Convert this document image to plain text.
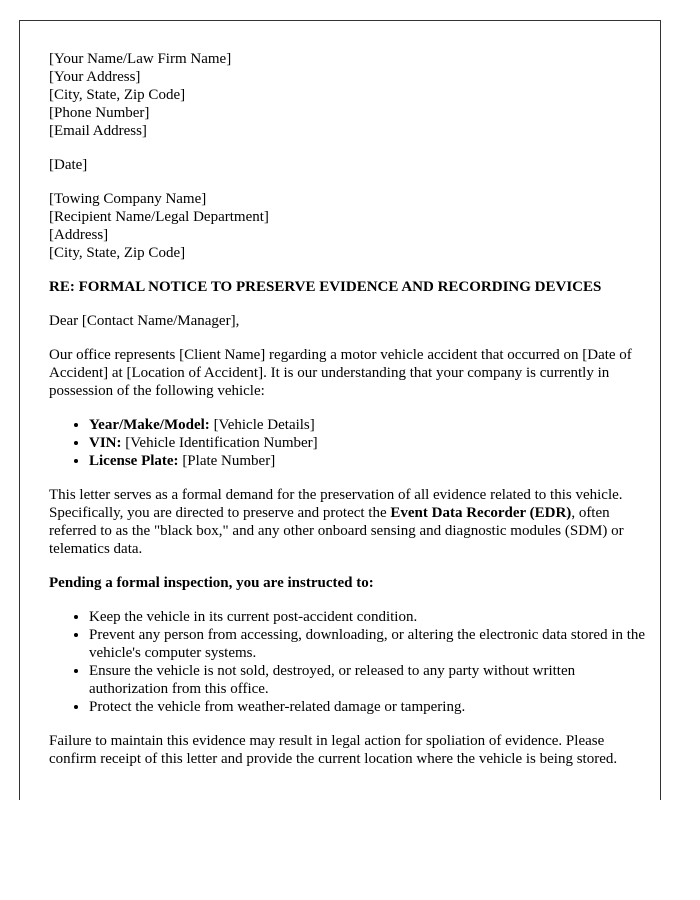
[Your Name/Law Firm Name]
[Your Address]
[City, State, Zip Code]
[Phone Number]
[Email Address]
[Date]
[Towing Company Name]
[Recipient Name/Legal Department]
[Address]
[City, State, Zip Code]
RE: FORMAL NOTICE TO PRESERVE EVIDENCE AND RECORDING DEVICES

Dear [Contact Name/Manager],

Our office represents [Client Name] regarding a motor vehicle accident that occurred on [Date of Accident] at [Location of Accident]. It is our understanding that your company is currently in possession of the following vehicle:

• Year/Make/Model: [Vehicle Details]
• VIN: [Vehicle Identification Number]
• License Plate: [Plate Number]

This letter serves as a formal demand for the preservation of all evidence related to this vehicle. Specifically, you are directed to preserve and protect the Event Data Recorder (EDR), often referred to as the "black box," and any other onboard sensing and diagnostic modules (SDM) or telematics data.

Pending a formal inspection, you are instructed to:
• Keep the vehicle in its current post-accident condition.
• Prevent any person from accessing, downloading, or altering the electronic data stored in the vehicle's computer systems.
• Ensure the vehicle is not sold, destroyed, or released to any party without written authorization from this office.
• Protect the vehicle from weather-related damage or tampering.

Failure to maintain this evidence may result in legal action for spoliation of evidence. Please confirm receipt of this letter and provide the current location where the vehicle is being stored.
